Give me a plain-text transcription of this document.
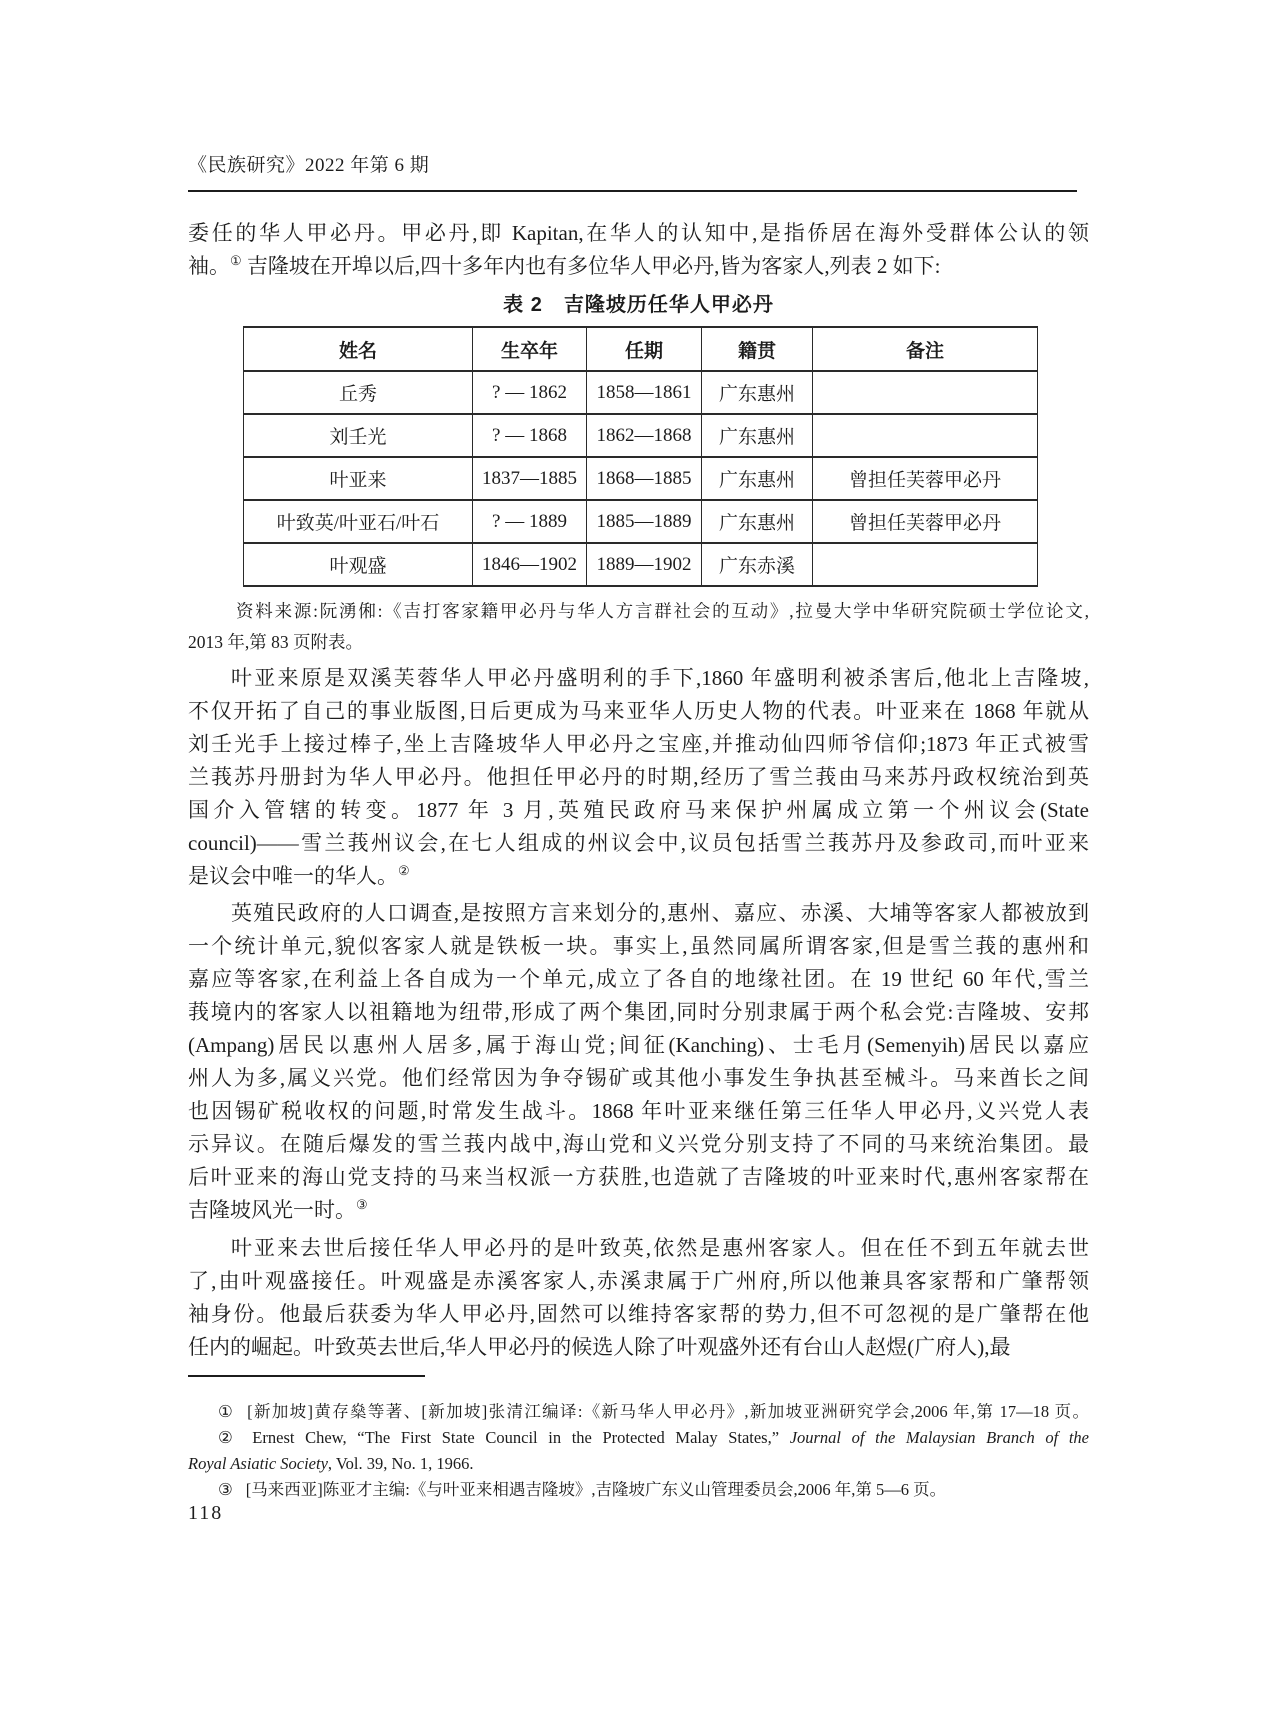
《民族研究》2022 年第 6 期
委任的华人甲必丹。甲必丹,即 Kapitan,在华人的认知中,是指侨居在海外受群体公认的领
袖。① 吉隆坡在开埠以后,四十多年内也有多位华人甲必丹,皆为客家人,列表 2 如下:
表 2　吉隆坡历任华人甲必丹
姓名	生卒年	任期	籍贯	备注
丘秀	? — 1862	1858—1861	广东惠州	
刘壬光	? — 1868	1862—1868	广东惠州	
叶亚来	1837—1885	1868—1885	广东惠州	曾担任芙蓉甲必丹
叶致英/叶亚石/叶石	? — 1889	1885—1889	广东惠州	曾担任芙蓉甲必丹
叶观盛	1846—1902	1889—1902	广东赤溪	
资料来源:阮湧俰:《吉打客家籍甲必丹与华人方言群社会的互动》,拉曼大学中华研究院硕士学位论文,
2013 年,第 83 页附表。
叶亚来原是双溪芙蓉华人甲必丹盛明利的手下,1860 年盛明利被杀害后,他北上吉隆坡,
不仅开拓了自己的事业版图,日后更成为马来亚华人历史人物的代表。叶亚来在 1868 年就从
刘壬光手上接过棒子,坐上吉隆坡华人甲必丹之宝座,并推动仙四师爷信仰;1873 年正式被雪
兰莪苏丹册封为华人甲必丹。他担任甲必丹的时期,经历了雪兰莪由马来苏丹政权统治到英
国介入管辖的转变。1877 年 3 月,英殖民政府马来保护州属成立第一个州议会(State
council)——雪兰莪州议会,在七人组成的州议会中,议员包括雪兰莪苏丹及参政司,而叶亚来
是议会中唯一的华人。②
英殖民政府的人口调查,是按照方言来划分的,惠州、嘉应、赤溪、大埔等客家人都被放到
一个统计单元,貌似客家人就是铁板一块。事实上,虽然同属所谓客家,但是雪兰莪的惠州和
嘉应等客家,在利益上各自成为一个单元,成立了各自的地缘社团。在 19 世纪 60 年代,雪兰
莪境内的客家人以祖籍地为纽带,形成了两个集团,同时分别隶属于两个私会党:吉隆坡、安邦
(Ampang)居民以惠州人居多,属于海山党;间征(Kanching)、士毛月(Semenyih)居民以嘉应
州人为多,属义兴党。他们经常因为争夺锡矿或其他小事发生争执甚至械斗。马来酋长之间
也因锡矿税收权的问题,时常发生战斗。1868 年叶亚来继任第三任华人甲必丹,义兴党人表
示异议。在随后爆发的雪兰莪内战中,海山党和义兴党分别支持了不同的马来统治集团。最
后叶亚来的海山党支持的马来当权派一方获胜,也造就了吉隆坡的叶亚来时代,惠州客家帮在
吉隆坡风光一时。③
叶亚来去世后接任华人甲必丹的是叶致英,依然是惠州客家人。但在任不到五年就去世
了,由叶观盛接任。叶观盛是赤溪客家人,赤溪隶属于广州府,所以他兼具客家帮和广肇帮领
袖身份。他最后获委为华人甲必丹,固然可以维持客家帮的势力,但不可忽视的是广肇帮在他
任内的崛起。叶致英去世后,华人甲必丹的候选人除了叶观盛外还有台山人赵煜(广府人),最
① [新加坡]黄存燊等著、[新加坡]张清江编译:《新马华人甲必丹》,新加坡亚洲研究学会,2006 年,第 17—18 页。
② Ernest Chew, “The First State Council in the Protected Malay States,” Journal of the Malaysian Branch of the
Royal Asiatic Society, Vol. 39, No. 1, 1966.
③ [马来西亚]陈亚才主编:《与叶亚来相遇吉隆坡》,吉隆坡广东义山管理委员会,2006 年,第 5—6 页。
118
